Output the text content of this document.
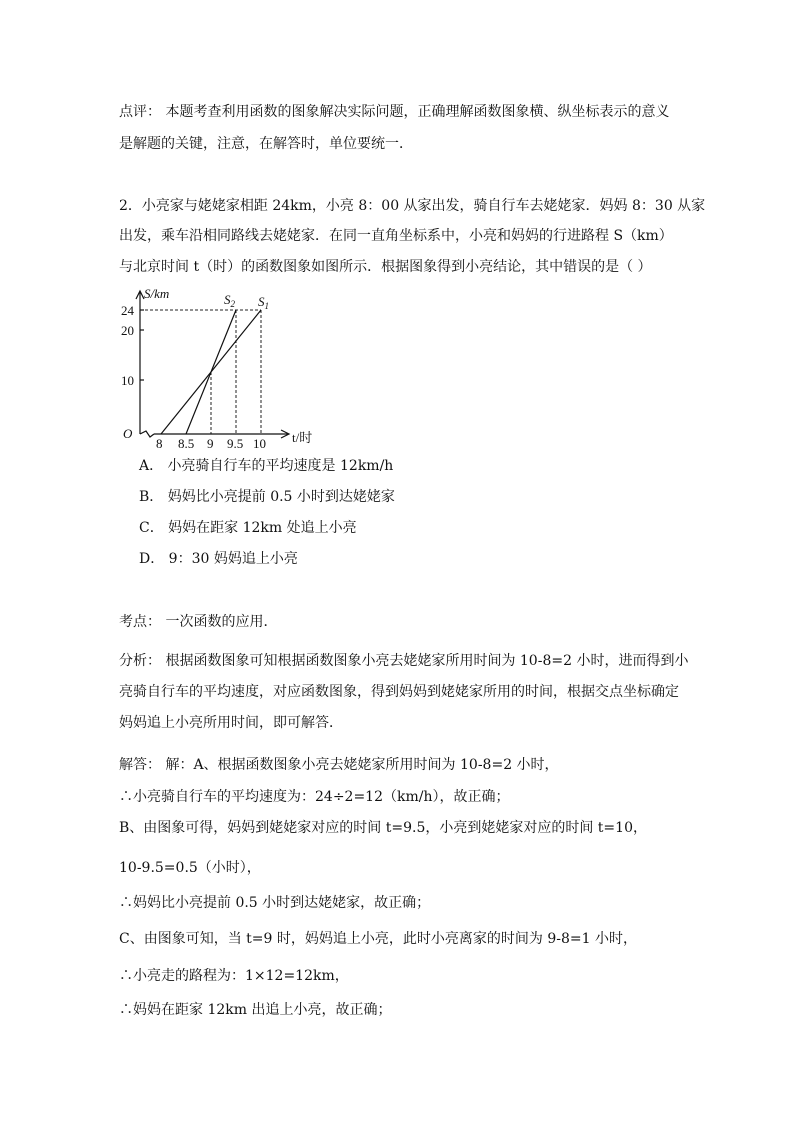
点评： 本题考查利用函数的图象解决实际问题，正确理解函数图象横、纵坐标表示的意义

是解题的关键，注意，在解答时，单位要统一．

2．小亮家与姥姥家相距 24km，小亮 8：00 从家出发，骑自行车去姥姥家．妈妈 8：30 从家

出发，乘车沿相同路线去姥姥家．在同一直角坐标系中，小亮和妈妈的行进路程 S（km）

与北京时间 t（时）的函数图象如图所示．根据图象得到小亮结论，其中错误的是（ ）

S/km
t/时
O
24
20
10
8 8.5 9 9.5 10
$S_2$ $S_1$

A． 小亮骑自行车的平均速度是 12km/h

B． 妈妈比小亮提前 0.5 小时到达姥姥家

C． 妈妈在距家 12km 处追上小亮

D． 9：30 妈妈追上小亮

考点： 一次函数的应用．

分析： 根据函数图象可知根据函数图象小亮去姥姥家所用时间为 10-8=2 小时，进而得到小

亮骑自行车的平均速度，对应函数图象，得到妈妈到姥姥家所用的时间，根据交点坐标确定

妈妈追上小亮所用时间，即可解答．

解答： 解：A、根据函数图象小亮去姥姥家所用时间为 10-8=2 小时，

∴小亮骑自行车的平均速度为：24÷2=12（km/h），故正确；

B、由图象可得，妈妈到姥姥家对应的时间 t=9.5，小亮到姥姥家对应的时间 t=10，

10-9.5=0.5（小时），

∴妈妈比小亮提前 0.5 小时到达姥姥家，故正确；

C、由图象可知，当 t=9 时，妈妈追上小亮，此时小亮离家的时间为 9-8=1 小时，

∴小亮走的路程为：1×12=12km，

∴妈妈在距家 12km 出追上小亮，故正确；
